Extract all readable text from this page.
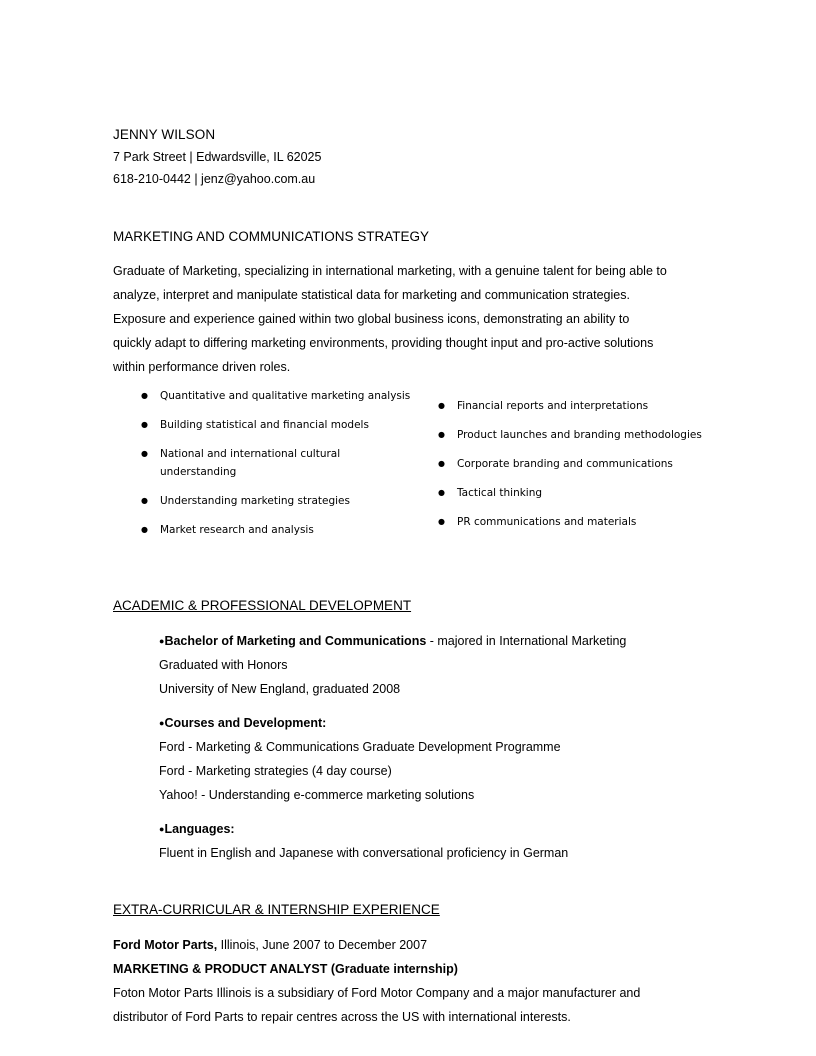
JENNY WILSON
7 Park Street | Edwardsville, IL 62025
618-210-0442 | jenz@yahoo.com.au
MARKETING AND COMMUNICATIONS STRATEGY

Graduate of Marketing, specializing in international marketing, with a genuine talent for being able to

analyze, interpret and manipulate statistical data for marketing and communication strategies.

Exposure and experience gained within two global business icons, demonstrating an ability to

quickly adapt to differing marketing environments, providing thought input and pro-active solutions

within performance driven roles.

● Quantitative and qualitative marketing analysis
● Building statistical and financial models
● National and international cultural understanding
● Understanding marketing strategies
● Market research and analysis
● Financial reports and interpretations
● Product launches and branding methodologies
● Corporate branding and communications
● Tactical thinking
● PR communications and materials
ACADEMIC & PROFESSIONAL DEVELOPMENT
●Bachelor of Marketing and Communications - majored in International Marketing
Graduated with Honors
University of New England, graduated 2008
●Courses and Development:
Ford - Marketing & Communications Graduate Development Programme
Ford - Marketing strategies (4 day course)
Yahoo! - Understanding e-commerce marketing solutions
●Languages:
Fluent in English and Japanese with conversational proficiency in German
EXTRA-CURRICULAR & INTERNSHIP EXPERIENCE
Ford Motor Parts, Illinois, June 2007 to December 2007
MARKETING & PRODUCT ANALYST (Graduate internship)
Foton Motor Parts Illinois is a subsidiary of Ford Motor Company and a major manufacturer and
distributor of Ford Parts to repair centres across the US with international interests.
